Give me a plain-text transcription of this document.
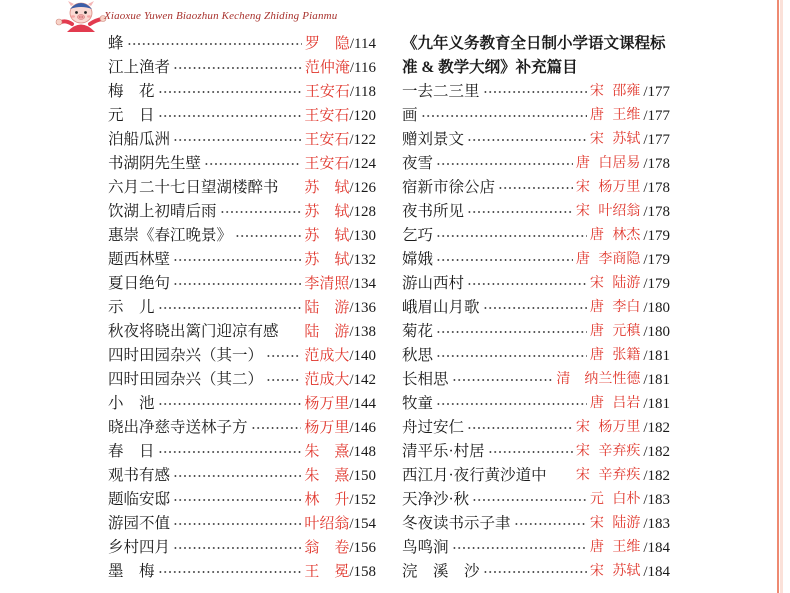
Xiaoxue Yuwen Biaozhun Kecheng Zhiding Pianmu
蜂	罗　隐 /114
江上渔者	范仲淹 /116
梅　花	王安石 /118
元　日	王安石 /120
泊船瓜洲	王安石 /122
书湖阴先生壁	王安石 /124
六月二十七日望湖楼醉书 苏　轼 /126
饮湖上初晴后雨	苏　轼 /128
惠崇《春江晚景》	苏　轼 /130
题西林壁	苏　轼 /132
夏日绝句	李清照 /134
示　儿	陆　游 /136
秋夜将晓出篱门迎凉有感 陆　游 /138
四时田园杂兴（其一）	范成大 /140
四时田园杂兴（其二）	范成大 /142
小　池	杨万里 /144
晓出净慈寺送林子方	杨万里 /146
春　日	朱　熹 /148
观书有感	朱　熹 /150
题临安邸	林　升 /152
游园不值	叶绍翁 /154
乡村四月	翁　卷 /156
墨　梅	王　冕 /158
《九年义务教育全日制小学语文课程标
准 & 教学大纲》补充篇目
一去二三里	宋 邵雍 /177
画	唐 王维 /177
赠刘景文	宋 苏轼 /177
夜雪	唐 白居易 /178
宿新市徐公店	宋 杨万里 /178
夜书所见	宋 叶绍翁 /178
乞巧	唐 林杰 /179
嫦娥	唐 李商隐 /179
游山西村	宋 陆游 /179
峨眉山月歌	唐 李白 /180
菊花	唐 元稹 /180
秋思	唐 张籍 /181
长相思	清　纳兰性德 /181
牧童	唐 吕岩 /181
舟过安仁	宋 杨万里 /182
清平乐·村居	宋 辛弃疾 /182
西江月·夜行黄沙道中 宋 辛弃疾 /182
天净沙·秋	元 白朴 /183
冬夜读书示子聿	宋 陆游 /183
鸟鸣涧	唐 王维 /184
浣　溪　沙	宋 苏轼 /184
